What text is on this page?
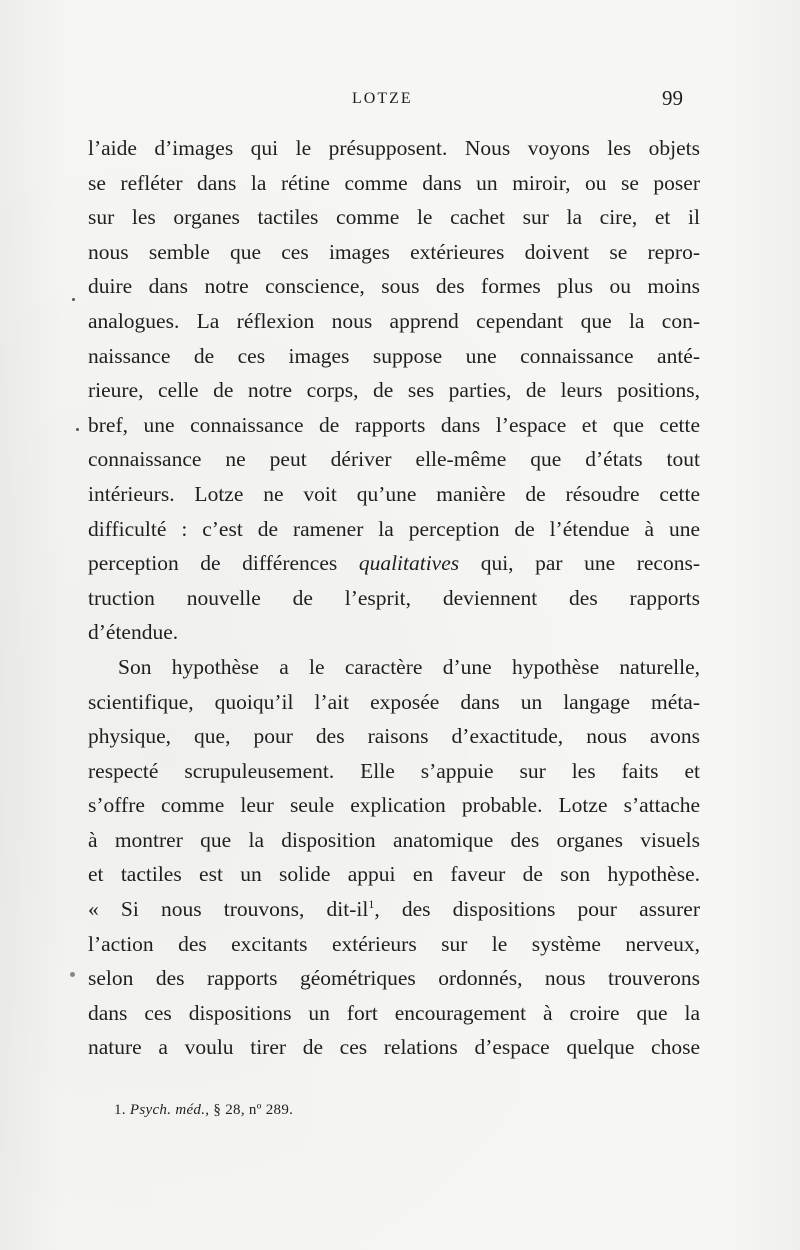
LOTZE	99
l’aide d’images qui le présupposent. Nous voyons les objets
se refléter dans la rétine comme dans un miroir, ou se poser
sur les organes tactiles comme le cachet sur la cire, et il
nous semble que ces images extérieures doivent se repro-
duire dans notre conscience, sous des formes plus ou moins
analogues. La réflexion nous apprend cependant que la con-
naissance de ces images suppose une connaissance anté-
rieure, celle de notre corps, de ses parties, de leurs positions,
bref, une connaissance de rapports dans l’espace et que cette
connaissance ne peut dériver elle-même que d’états tout
intérieurs. Lotze ne voit qu’une manière de résoudre cette
difficulté : c’est de ramener la perception de l’étendue à une
perception de différences qualitatives qui, par une recons-
truction nouvelle de l’esprit, deviennent des rapports
d’étendue.
Son hypothèse a le caractère d’une hypothèse naturelle,
scientifique, quoiqu’il l’ait exposée dans un langage méta-
physique, que, pour des raisons d’exactitude, nous avons
respecté scrupuleusement. Elle s’appuie sur les faits et
s’offre comme leur seule explication probable. Lotze s’attache
à montrer que la disposition anatomique des organes visuels
et tactiles est un solide appui en faveur de son hypothèse.
« Si nous trouvons, dit-$il^1$, des dispositions pour assurer
l’action des excitants extérieurs sur le système nerveux,
selon des rapports géométriques ordonnés, nous trouverons
dans ces dispositions un fort encouragement à croire que la
nature a voulu tirer de ces relations d’espace quelque chose
1. Psych. méd., § 28, nº 289.
